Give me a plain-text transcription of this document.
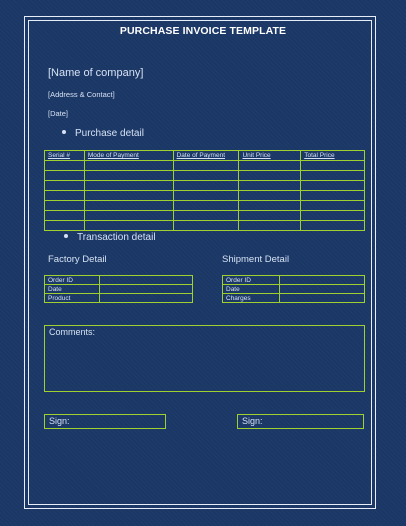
PURCHASE INVOICE TEMPLATE
[Name of company]
[Address & Contact]
[Date]
Purchase detail
Serial #	Mode of Payment	Date of Payment	Unit Price	Total Price

Transaction detail
Factory Detail	Shipment Detail
Order ID	
Date	
Product	
Order ID	
Date	
Charges	
Comments:
Sign:	Sign:
